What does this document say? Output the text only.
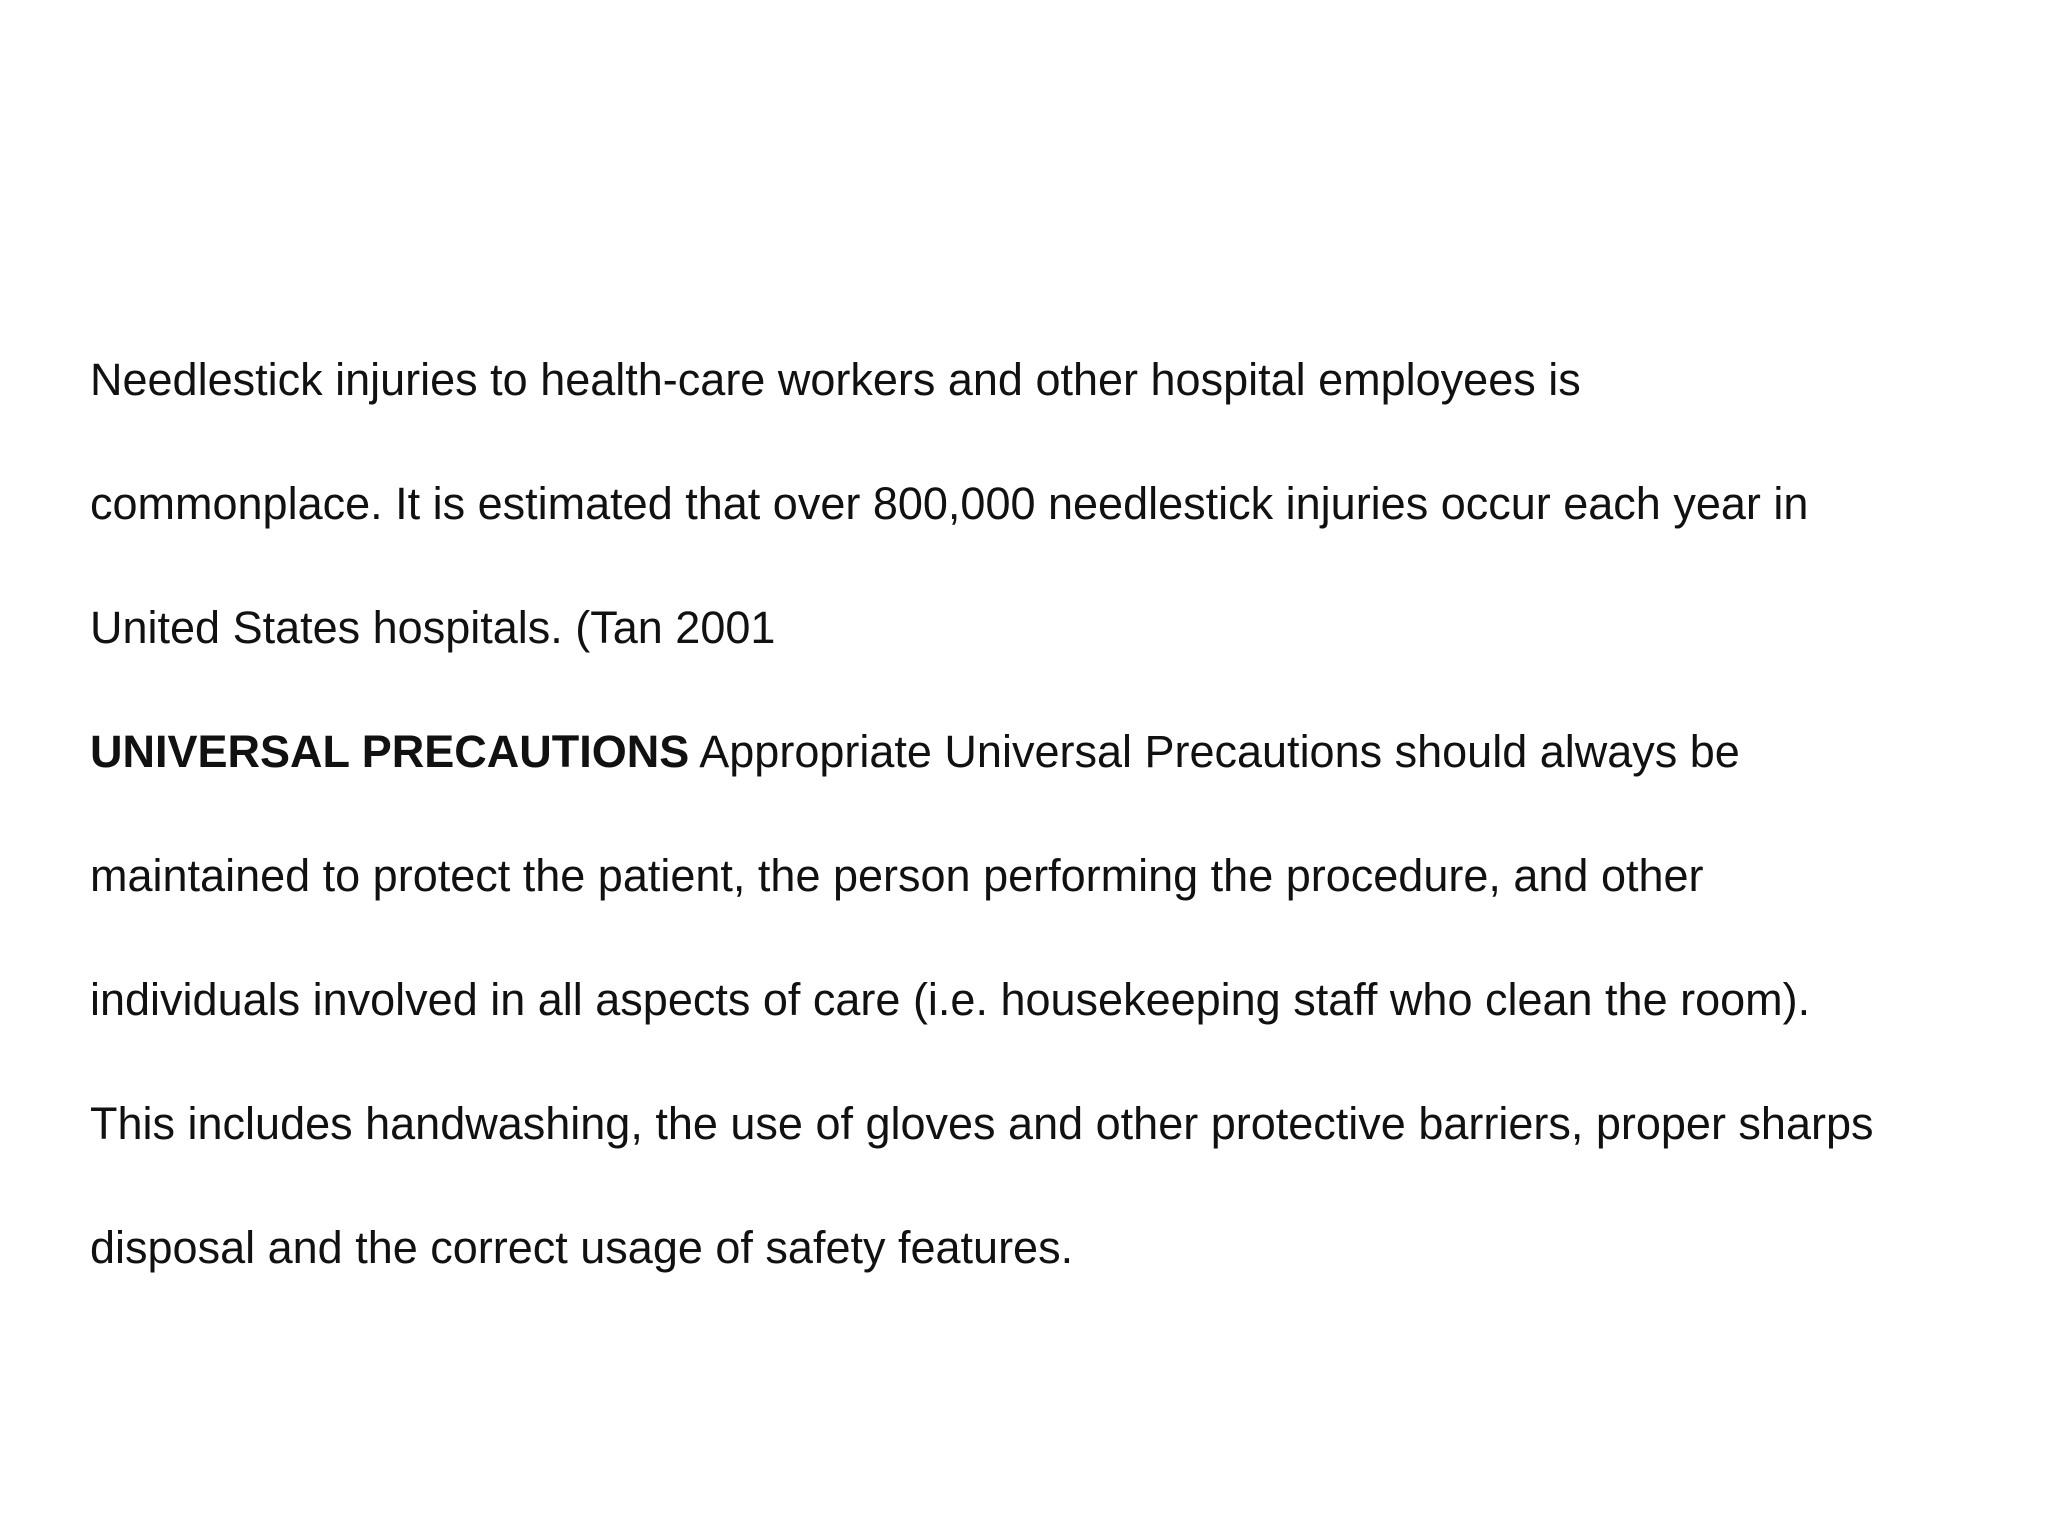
Needlestick injuries to health-care workers and other hospital employees is
commonplace. It is estimated that over 800,000 needlestick injuries occur each year in
United States hospitals. (Tan 2001
UNIVERSAL PRECAUTIONS Appropriate Universal Precautions should always be
maintained to protect the patient, the person performing the procedure, and other
individuals involved in all aspects of care (i.e. housekeeping staff who clean the room).
This includes handwashing, the use of gloves and other protective barriers, proper sharps
disposal and the correct usage of safety features.
